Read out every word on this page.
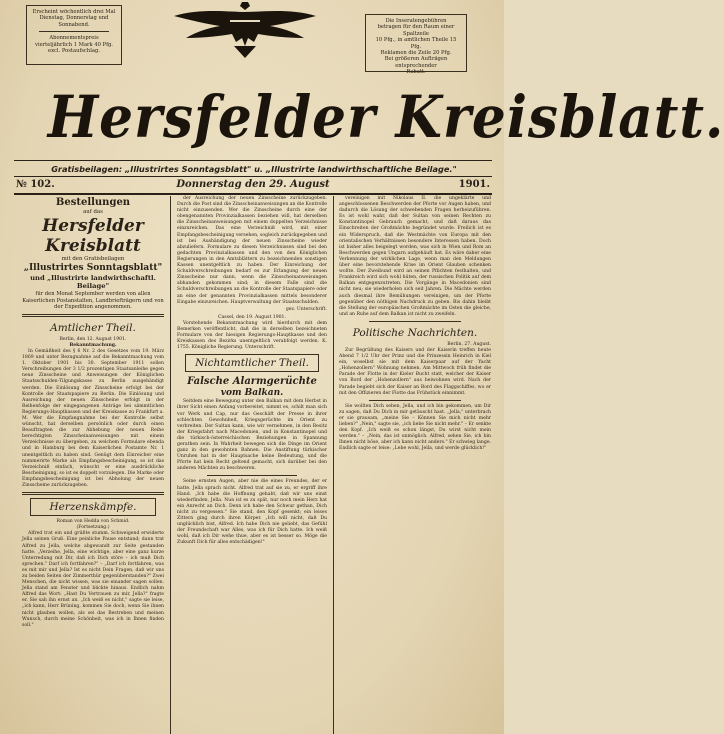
Erscheint wöchentlich drei Mal
Dienstag, Donnerstag und Sonnabend.
Abonnementspreis
vierteljährlich 1 Mark 40 Pfg.
excl. Postaufschlag.
Die Inseratengebühren
betragen für den Raum einer Spaltzeile
10 Pfg., in amtlichen Theile 15 Pfg.
Reklamen die Zeile 20 Pfg.
Bei größeren Aufträgen entsprechender
Rabatt.
Hersfelder Kreisblatt.
Gratisbeilagen: „Illustrirtes Sonntagsblatt" u. „Illustrirte landwirthschaftliche Beilage."
№ 102.	Donnerstag den 29. August	1901.
Bestellungen
auf das
Hersfelder Kreisblatt
mit den Gratisbeilagen
„Illustrirtes Sonntagsblatt"
und „Illustrirte landwirthschaftl. Beilage"
für den Monat September werden von allen Kaiserlichen Postanstalten, Landbriefträgern und von der Expedition angenommen.
Amtlicher Theil.
Berlin, den 12. August 1901.
Bekanntmachung.
In Gemäßheit des § 6 Nr. 2 des Gesetzes vom 19. März 1869 und unter Bezugnahme auf die Bekanntmachung vom 1. Oktober 1901 bis 30. September 1911 sollen Verschreibungen der 3 1/2 prozentigen Staatsanleihe gegen neue Zinsscheine und Anweisungen der Königlichen Staatsschulden-Tilgungskasse zu Berlin ausgehändigt werden. Die Einlösung der Zinsscheine erfolgt bei der Kontrolle der Staatspapiere zu Berlin. Die Einlösung und Ausreichung der neuen Zinsscheine erfolgt in der Reihenfolge der eingegangenen Anträge bei sämmtlichen Regierungs-Hauptkassen und der Kreiskasse zu Frankfurt a. M. Wer die Empfangnahme bei der Kontrolle selbst wünscht, hat derselben persönlich oder durch einen Beauftragten die zur Abhebung der neuen Reihe berechtigten Zinsscheinanweisungen mit einem Verzeichnisse zu übergeben, zu welchem Formulare ebenda und in Hamburg bei dem Kaiserlichen Postamte Nr. 1 unentgeltlich zu haben sind. Genügt dem Einreicher eine nummerirte Marke als Empfangsbescheinigung, so ist das Verzeichniß einfach, wünscht er eine ausdrückliche Bescheinigung, so ist es doppelt vorzulegen. Die Marke oder Empfangsbescheinigung ist bei Abholung der neuen Zinsscheine zurückzugeben.
Herzenskämpfe.
Roman von Hedda von Schmid.
(Fortsetzung.)
Alfred trat ein und grüßte stumm. Schweigend erwiderte Jella seinen Gruß. Eine peinliche Pause entstand; dann trat Alfred zu Jella, welche abgewandt zur Seite gestanden hatte. „Verzeihe, Jella, eine wichtige, aber eine ganz kurze Unterredung mit Dir, daß ich Dich störe – ich muß Dich sprechen." Darf ich fortfahren?" – „Darf ich fortfahren, was es mit mir und Jella? Ist es nicht Dein Fragen, daß wir uns zu beiden Seiten der Zimmerthür gegenüberstanden?" Zwei Menschen, die nicht wissen, was sie einander sagen sollen. Jella stand am Fenster und blickte hinaus. Endlich nahm Alfred das Wort: „Hast Du Vertrauen zu mir, Jella?" fragte er. Sie sah ihn ernst an. „Ich weiß es nicht," sagte sie leise, „ich kann, Herr Brüning, kommen Sie doch, wenn Sie ihnen nicht glauben wollen, als sei das Bestreben und meinen Wunsch, durch meine Schönheit, was ich in Ihnen finden soll."
der Ausreichung der neuen Zinsscheine zurückzugeben. Durch die Post sind die Zinsscheinanweisungen an die Kontrolle nicht einzusenden. Wer die Zinsscheine durch eine der obengenannten Provinzialkassen beziehen will, hat derselben die Zinsscheinanweisungen mit einem doppelten Verzeichnisse einzureichen. Das eine Verzeichniß wird, mit einer Empfangsbescheinigung versehen, sogleich zurückgegeben und ist bei Aushändigung der neuen Zinsscheine wieder abzuliefern. Formulare zu diesen Verzeichnissen sind bei den gedachten Provinzialkassen und den von den Königlichen Regierungen in den Amtsblättern zu bezeichnenden sonstigen Kassen unentgeltlich zu haben. Der Einreichung der Schuldverschreibungen bedarf es zur Erlangung der neuen Zinsscheine nur dann, wenn die Zinsscheinanweisungen abhanden gekommen sind; in diesem Falle sind die Schuldverschreibungen an die Kontrolle der Staatspapiere oder an eine der genannten Provinzialkassen mittels besonderer Eingabe einzureichen. Hauptverwaltung der Staatsschulden.
gez. Unterschrift.
Cassel, den 19. August 1901.
Vorstehende Bekanntmachung wird hierdurch mit dem Bemerken veröffentlicht, daß die in derselben bezeichneten Formulare von der hiesigen Regierungs-Hauptkasse und den Kreiskassen des Bezirks unentgeltlich verabfolgt werden. K. 1755. Königliche Regierung. Unterschrift.
Nichtamtlicher Theil.
Falsche Alarmgerüchte
vom Balkan.
Seitdem eine Bewegung unter den Balkan mit dem Herbst in ihrer Sicht einen Anfang vorbereitet, nimmt es, schilt man sich vor Werk und Cap, nur das Geschäft der Presse in ihrer schlechten Gewohnheit, Kriegsgerüchte im Orient zu verbreiten. Der Sultan kann, wie wir vernehmen, in den Besitz der Kriegsfahrt nach Macedonien, und in Konstantinopel und die türkisch-österreichischen Beziehungen in Spannung gerathen sein. In Wahrheit bewegen sich die Dinge im Orient ganz in den gewohnten Bahnen. Die Anstiftung türkischer Unruhen hat in der Hauptsache keine Bedeutung, und die Pforte hat kein Recht geltend gemacht, sich darüber bei den anderen Mächten zu beschweren.
Seine ernsten Augen, aber nie die eines Freundes, der er hatte. Jella sprach nicht. Alfred trat auf sie zu, er ergriff ihre Hand. „Ich habe die Hoffnung gehabt, daß wir uns einst wiederfinden, Jella. Nun ist es zu spät, nur noch mein Herz hat ein Anrecht an Dich. Denn ich habe den Schwur gethan, Dich nicht zu vergessen." Sie stand, den Kopf gesenkt; ein leises Zittern ging durch ihren Körper. „Ich will nicht, daß Du unglücklich bist, Alfred. Ich habe Dich nie geliebt, das Gefühl der Freundschaft war Alles, was ich für Dich hatte. Ich weiß wohl, daß ich Dir wehe thue, aber es ist besser so. Möge die Zukunft Dich für alles entschädigen!"
vereinigen mit Nikolaus II. die ungeklärte und angeschlossenen Beschwerden der Pforte vor Augen haben, und dadurch die Lösung der schwebenden Fragen herbeizuführen. Es ist wohl wahr, daß der Sultan von seinen Rechten zu Konstantinopel Gebrauch gemacht, und daß daraus das Einschreiten der Großmächte begründet wurde. Freilich ist es ein Widerspruch, daß die Westmächte von Europa mit den orientalischen Verhältnissen besondere Interessen haben. Doch ist bisher alles beigelegt worden, was sich in Wien und Rom an Beschwerden gegen Ungarn aufgehäuft hat. Es wäre daher eine Verkennung der wirklichen Lage, wenn man den Meldungen über eine bevorstehende Krise im Orient Glauben schenken wollte. Der Zweibund wird an seinen Pflichten festhalten, und Frankreich wird sich wohl hüten, der russischen Politik auf dem Balkan entgegenzutreten. Die Vorgänge in Macedonien sind nicht neu; sie wiederholen sich seit Jahren. Die Mächte werden auch diesmal ihre Bemühungen vereinigen, um der Pforte gegenüber den nöthigen Nachdruck zu geben. Bis dahin bleibt die Stellung der europäischen Großmächte im Osten die gleiche, und an Ruhe auf dem Balkan ist nicht zu zweifeln.
Politische Nachrichten.
Berlin, 27. August.
Zur Begrüßung des Kaisers und der Kaiserin treffen heute Abend 7 1/2 Uhr der Prinz und die Prinzessin Heinrich in Kiel ein, woselbst sie mit dem Kaiserpaar auf der Yacht „Hohenzollern" Wohnung nehmen. Am Mittwoch früh findet die Parade der Flotte in der Kieler Bucht statt, welcher der Kaiser von Bord der „Hohenzollern" aus beiwohnen wird. Nach der Parade begiebt sich der Kaiser an Bord des Flaggschiffes, wo er mit den Offizieren der Flotte das Frühstück einnimmt.
Sie wollten Dich sehen, Jella, und ich bin gekommen, um Dir zu sagen, daß Du Dich in mir getäuscht hast. „Jella," unterbrach er sie grausam, „meine Sie – Können Sie mich nicht mehr lieben?" „Nein," sagte sie, „ich liebe Sie nicht mehr." – Er senkte den Kopf. „Ich weiß es schon längst, Du wirst nicht mein werden." – „Nein, das ist unmöglich. Alfred, sehen Sie, ich bin Ihnen nicht böse, aber ich kann nicht anders." Er schwieg lange. Endlich sagte er leise: „Lebe wohl, Jella, und werde glücklich!"
